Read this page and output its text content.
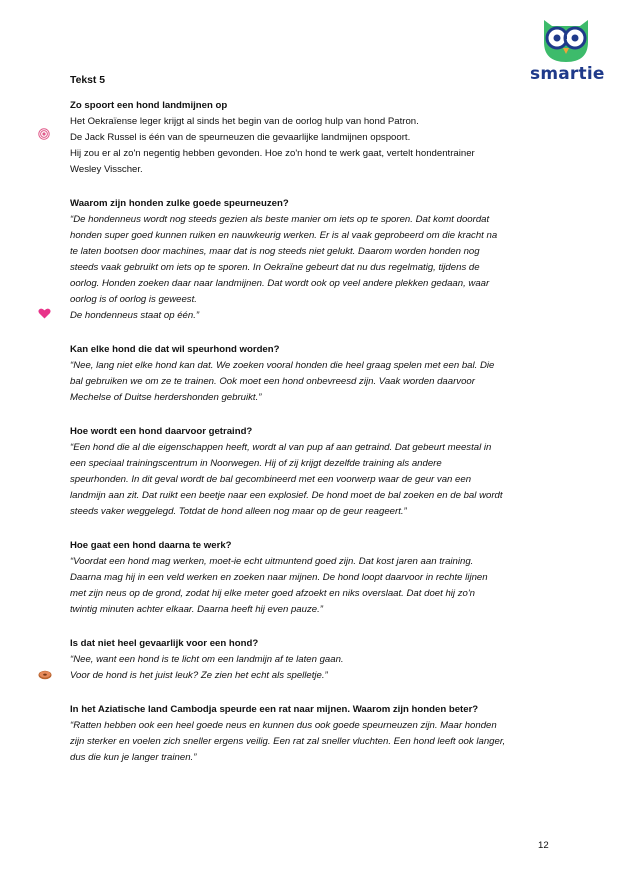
smartie
Tekst 5
Zo spoort een hond landmijnen op
Het Oekraïense leger krijgt al sinds het begin van de oorlog hulp van hond Patron.
De Jack Russel is één van de speurneuzen die gevaarlijke landmijnen opspoort.
Hij zou er al zo'n negentig hebben gevonden. Hoe zo'n hond te werk gaat, vertelt hondentrainer
Wesley Visscher.
Waarom zijn honden zulke goede speurneuzen?
“De hondenneus wordt nog steeds gezien als beste manier om iets op te sporen. Dat komt doordat
honden super goed kunnen ruiken en nauwkeurig werken. Er is al vaak geprobeerd om die kracht na
te laten bootsen door machines, maar dat is nog steeds niet gelukt. Daarom worden honden nog
steeds vaak gebruikt om iets op te sporen. In Oekraïne gebeurt dat nu dus regelmatig, tijdens de
oorlog. Honden zoeken daar naar landmijnen. Dat wordt ook op veel andere plekken gedaan, waar
oorlog is of oorlog is geweest.
De hondenneus staat op één.”
Kan elke hond die dat wil speurhond worden?
“Nee, lang niet elke hond kan dat. We zoeken vooral honden die heel graag spelen met een bal. Die
bal gebruiken we om ze te trainen. Ook moet een hond onbevreesd zijn. Vaak worden daarvoor
Mechelse of Duitse herdershonden gebruikt.”
Hoe wordt een hond daarvoor getraind?
“Een hond die al die eigenschappen heeft, wordt al van pup af aan getraind. Dat gebeurt meestal in
een speciaal trainingscentrum in Noorwegen. Hij of zij krijgt dezelfde training als andere
speurhonden. In dit geval wordt de bal gecombineerd met een voorwerp waar de geur van een
landmijn aan zit. Dat ruikt een beetje naar een explosief. De hond moet de bal zoeken en de bal wordt
steeds vaker weggelegd. Totdat de hond alleen nog maar op de geur reageert.”
Hoe gaat een hond daarna te werk?
“Voordat een hond mag werken, moet-ie echt uitmuntend goed zijn. Dat kost jaren aan training.
Daarna mag hij in een veld werken en zoeken naar mijnen. De hond loopt daarvoor in rechte lijnen
met zijn neus op de grond, zodat hij elke meter goed afzoekt en niks overslaat. Dat doet hij zo'n
twintig minuten achter elkaar. Daarna heeft hij even pauze.”
Is dat niet heel gevaarlijk voor een hond?
“Nee, want een hond is te licht om een landmijn af te laten gaan.
Voor de hond is het juist leuk? Ze zien het echt als spelletje.”
In het Aziatische land Cambodja speurde een rat naar mijnen. Waarom zijn honden beter?
“Ratten hebben ook een heel goede neus en kunnen dus ook goede speurneuzen zijn. Maar honden
zijn sterker en voelen zich sneller ergens veilig. Een rat zal sneller vluchten. Een hond leeft ook langer,
dus die kun je langer trainen.”
12
